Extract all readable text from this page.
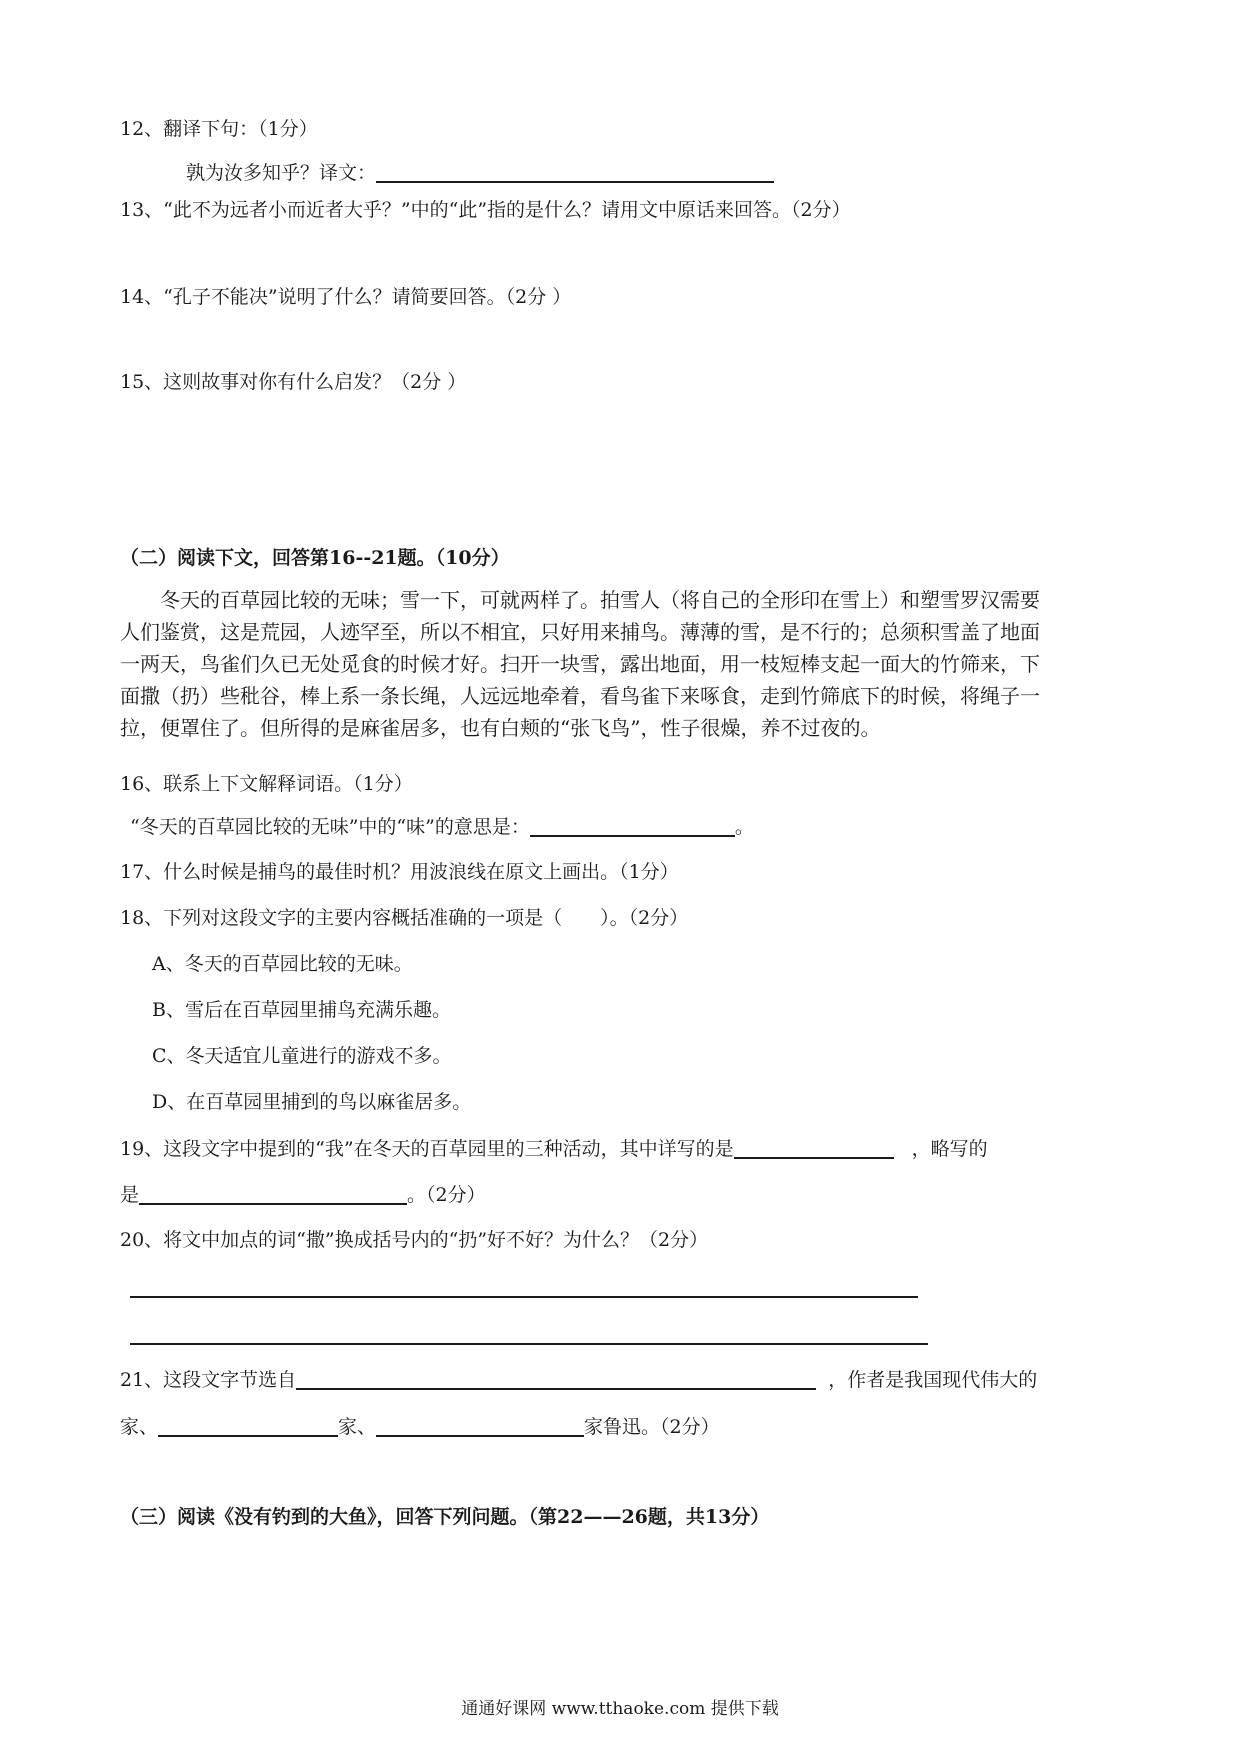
12、翻译下句：（1分）
孰为汝多知乎？译文：
13、“此不为远者小而近者大乎？”中的“此”指的是什么？请用文中原话来回答。（2分）
14、“孔子不能决”说明了什么？请简要回答。（2分 ）
15、这则故事对你有什么启发？（2分 ）
（二）阅读下文，回答第16--21题。（10分）
冬天的百草园比较的无味；雪一下，可就两样了。拍雪人（将自己的全形印在雪上）和塑雪罗汉需要
人们鉴赏，这是荒园，人迹罕至，所以不相宜，只好用来捕鸟。薄薄的雪，是不行的；总须积雪盖了地面
一两天，鸟雀们久已无处觅食的时候才好。扫开一块雪，露出地面，用一枝短棒支起一面大的竹筛来，下
面撒（扔）些秕谷，棒上系一条长绳，人远远地牵着，看鸟雀下来啄食，走到竹筛底下的时候，将绳子一
拉，便罩住了。但所得的是麻雀居多，也有白颊的“张飞鸟”，性子很燥，养不过夜的。
16、联系上下文解释词语。（1分）
“冬天的百草园比较的无味”中的“味”的意思是：	。
17、什么时候是捕鸟的最佳时机？用波浪线在原文上画出。（1分）
18、下列对这段文字的主要内容概括准确的一项是（　　）。（2分）
A、冬天的百草园比较的无味。
B、雪后在百草园里捕鸟充满乐趣。
C、冬天适宜儿童进行的游戏不多。
D、在百草园里捕到的鸟以麻雀居多。
19、这段文字中提到的“我”在冬天的百草园里的三种活动，其中详写的是	，略写的
是	。（2分）
20、将文中加点的词“撒”换成括号内的“扔”好不好？为什么？（2分）
21、这段文字节选自	，作者是我国现代伟大的
家、	家、	家鲁迅。（2分）
（三）阅读《没有钓到的大鱼》，回答下列问题。（第22——26题，共13分）
通通好课网 www.tthaoke.com 提供下载
